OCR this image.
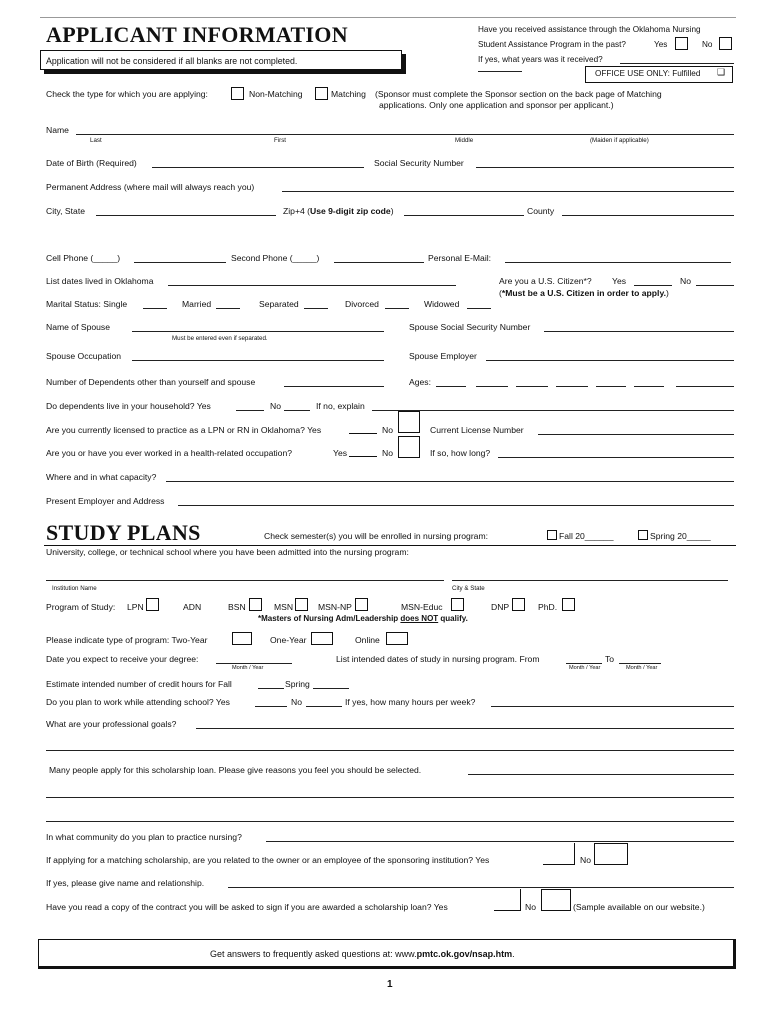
APPLICANT INFORMATION
Application will not be considered if all blanks are not completed.
Have you received assistance through the Oklahoma Nursing
Student Assistance Program in the past?	Yes	No
If yes, what years was it received?
OFFICE USE ONLY: Fulfilled ❑
Check the type for which you are applying:	Non-Matching	Matching (Sponsor must complete the Sponsor section on the back page of Matching
applications. Only one application and sponsor per applicant.)
Name
Last	First	Middle	(Maiden if applicable)
Date of Birth (Required)	Social Security Number
Permanent Address (where mail will always reach you)
City, State	Zip+4 (Use 9-digit zip code)	County
Cell Phone (_____)	Second Phone (_____)	Personal E-Mail:
List dates lived in Oklahoma	Are you a U.S. Citizen*? Yes	No
(*Must be a U.S. Citizen in order to apply.)
Marital Status: Single	Married	Separated	Divorced	Widowed
Name of Spouse
Must be entered even if separated.
Spouse Social Security Number
Spouse Occupation	Spouse Employer
Number of Dependents other than yourself and spouse	Ages:
Do dependents live in your household? Yes	No	If no, explain
Are you currently licensed to practice as a LPN or RN in Oklahoma? Yes	No	Current License Number
Are you or have you ever worked in a health-related occupation?	Yes	No	If so, how long?
Where and in what capacity?
Present Employer and Address
STUDY PLANS	Check semester(s) you will be enrolled in nursing program:	Fall 20______	Spring 20_____
University, college, or technical school where you have been admitted into the nursing program:
Institution Name	City & State
Program of Study: LPN	ADN	BSN	MSN	MSN-NP	MSN-Educ	DNP	PhD.
*Masters of Nursing Adm/Leadership does NOT qualify.
Please indicate type of program: Two-Year	One-Year	Online
Date you expect to receive your degree:
Month / Year
List intended dates of study in nursing program. From	To
Month / Year	Month / Year
Estimate intended number of credit hours for Fall	Spring
Do you plan to work while attending school? Yes	No	If yes, how many hours per week?
What are your professional goals?
Many people apply for this scholarship loan. Please give reasons you feel you should be selected.
In what community do you plan to practice nursing?
If applying for a matching scholarship, are you related to the owner or an employee of the sponsoring institution? Yes	No
If yes, please give name and relationship.
Have you read a copy of the contract you will be asked to sign if you are awarded a scholarship loan? Yes	No	(Sample available on our website.)
Get answers to frequently asked questions at: www.pmtc.ok.gov/nsap.htm.
1
